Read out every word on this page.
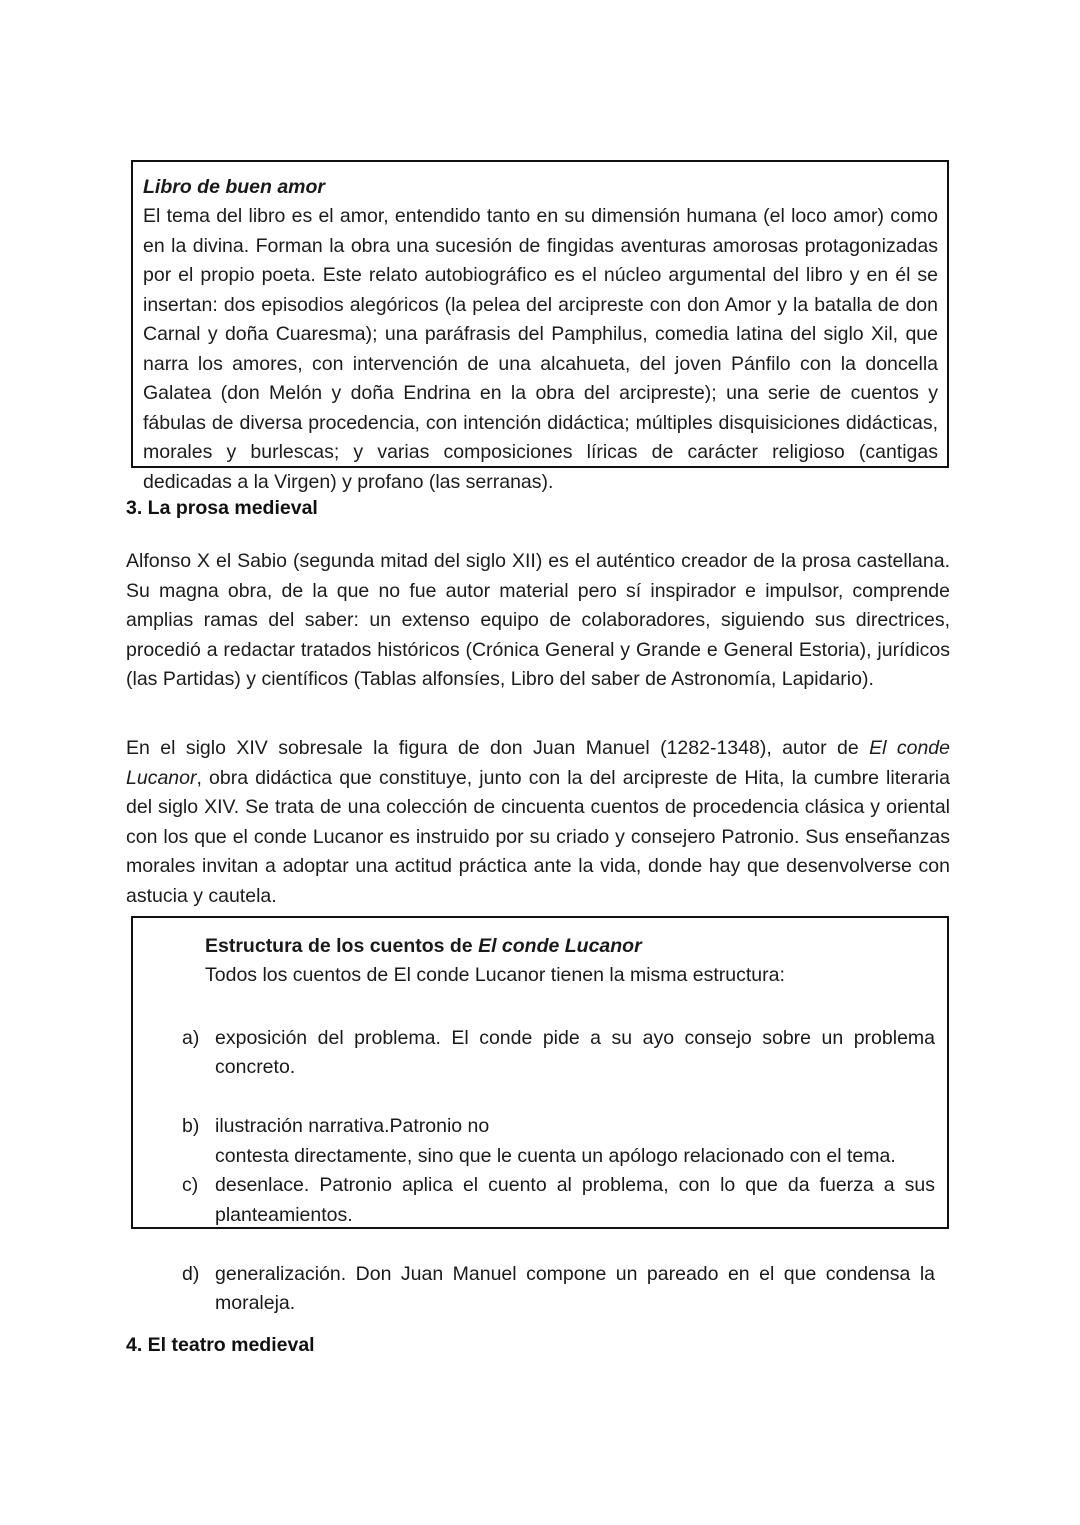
Libro de buen amor
El tema del libro es el amor, entendido tanto en su dimensión humana (el loco amor) como en la divina. Forman la obra una sucesión de fingidas aventuras amorosas protagonizadas por el propio poeta. Este relato autobiográfico es el núcleo argumental del libro y en él se insertan: dos episodios alegóricos (la pelea del arcipreste con don Amor y la batalla de don Carnal y doña Cuaresma); una paráfrasis del Pamphilus, comedia latina del siglo Xil, que narra los amores, con intervención de una alcahueta, del joven Pánfilo con la doncella Galatea (don Melón y doña Endrina en la obra del arcipreste); una serie de cuentos y fábulas de diversa procedencia, con intención didáctica; múltiples disquisiciones didácticas, morales y burlescas; y varias composiciones líricas de carácter religioso (cantigas dedicadas a la Virgen) y profano (las serranas).
3. La prosa medieval

Alfonso X el Sabio (segunda mitad del siglo XII) es el auténtico creador de la prosa castellana. Su magna obra, de la que no fue autor material pero sí inspirador e impulsor, comprende amplias ramas del saber: un extenso equipo de colaboradores, siguiendo sus directrices, procedió a redactar tratados históricos (Crónica General y Grande e General Estoria), jurídicos (las Partidas) y científicos (Tablas alfonsíes, Libro del saber de Astronomía, Lapidario).

En el siglo XIV sobresale la figura de don Juan Manuel (1282-1348), autor de El conde Lucanor, obra didáctica que constituye, junto con la del arcipreste de Hita, la cumbre literaria del siglo XIV. Se trata de una colección de cincuenta cuentos de procedencia clásica y oriental con los que el conde Lucanor es instruido por su criado y consejero Patronio. Sus enseñanzas morales invitan a adoptar una actitud práctica ante la vida, donde hay que desenvolverse con astucia y cautela.

Estructura de los cuentos de El conde Lucanor

Todos los cuentos de El conde Lucanor tienen la misma estructura:

a) exposición del problema. El conde pide a su ayo consejo sobre un problema concreto.
b) ilustración narrativa.Patronio no
contesta directamente, sino que le cuenta un apólogo relacionado con el tema.
c) desenlace. Patronio aplica el cuento al problema, con lo que da fuerza a sus planteamientos.
d) generalización. Don Juan Manuel compone un pareado en el que condensa la moraleja.
4. El teatro medieval
